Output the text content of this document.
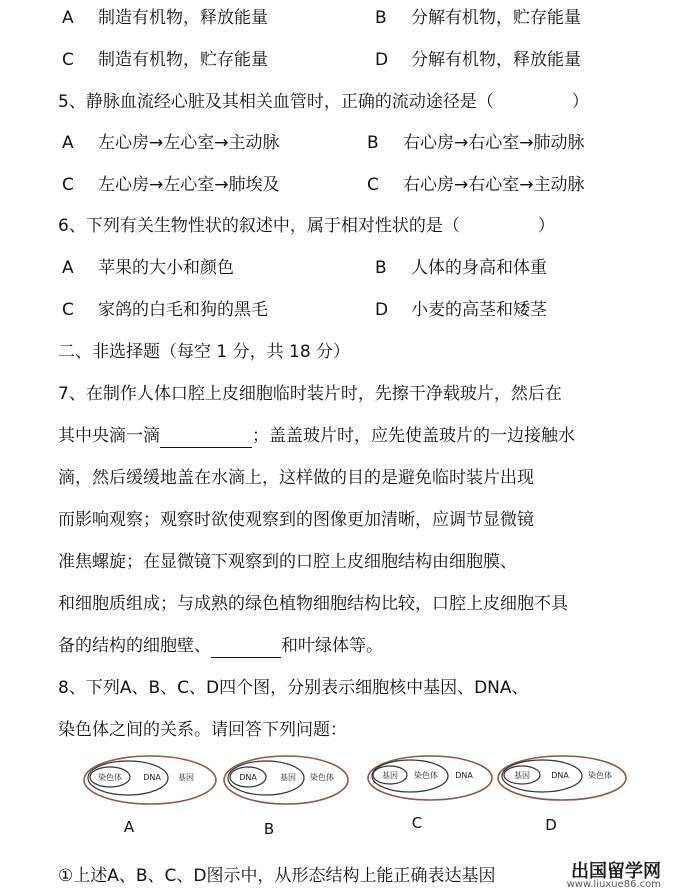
A 制造有机物，释放能量	B 分解有机物，贮存能量
C 制造有机物，贮存能量	D 分解有机物，释放能量
5、静脉血流经心脏及其相关血管时，正确的流动途径是（	）
A 左心房→左心室→主动脉	B 右心房→右心室→肺动脉
C 左心房→左心室→肺埃及	C 右心房→右心室→主动脉
6、下列有关生物性状的叙述中，属于相对性状的是（	）
A 苹果的大小和颜色	B 人体的身高和体重
C 家鸽的白毛和狗的黑毛	D 小麦的高茎和矮茎
二、非选择题（每空 1 分，共 18 分）
7、在制作人体口腔上皮细胞临时装片时，先擦干净载玻片，然后在
其中央滴一滴	；盖盖玻片时，应先使盖玻片的一边接触水
滴，然后缓缓地盖在水滴上，这样做的目的是避免临时装片出现
而影响观察；观察时欲使观察到的图像更加清晰，应调节显微镜
准焦螺旋；在显微镜下观察到的口腔上皮细胞结构由细胞膜、
和细胞质组成；与成熟的绿色植物细胞结构比较，口腔上皮细胞不具
备的结构的细胞壁、	和叶绿体等。
8、下列A、B、C、D四个图，分别表示细胞核中基因、DNA、
染色体之间的关系。请回答下列问题：
染色体	DNA 基因
A
DNA	基因 染色体
B
基因 染色体 DNA
C
基因	DNA 染色体
D
①上述A、B、C、D图示中，从形态结构上能正确表达基因	出国留学网
www.liuxue86.com
